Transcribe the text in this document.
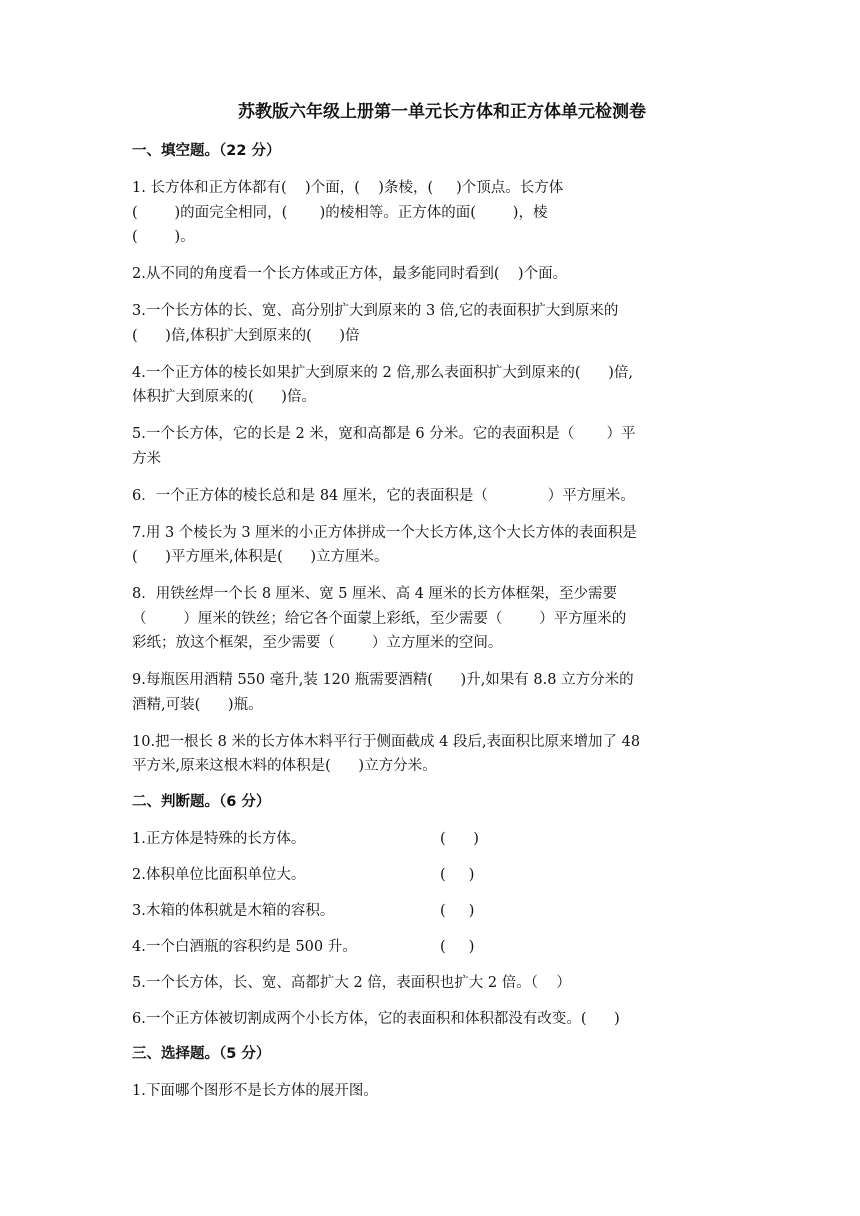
苏教版六年级上册第一单元长方体和正方体单元检测卷
一、填空题。（22 分）
1. 长方体和正方体都有(    )个面，(    )条棱，(     )个顶点。长方体
(        )的面完全相同，(       )的棱相等。正方体的面(        )，棱
(        )。
2.从不同的角度看一个长方体或正方体，最多能同时看到(    )个面。
3.一个长方体的长、宽、高分别扩大到原来的 3 倍,它的表面积扩大到原来的
(      )倍,体积扩大到原来的(      )倍
4.一个正方体的棱长如果扩大到原来的 2 倍,那么表面积扩大到原来的(      )倍,
体积扩大到原来的(      )倍。
5.一个长方体，它的长是 2 米，宽和高都是 6 分米。它的表面积是（       ）平
方米
6．一个正方体的棱长总和是 84 厘米，它的表面积是（             ）平方厘米。
7.用 3 个棱长为 3 厘米的小正方体拼成一个大长方体,这个大长方体的表面积是
(      )平方厘米,体积是(      )立方厘米。
8．用铁丝焊一个长 8 厘米、宽 5 厘米、高 4 厘米的长方体框架，至少需要
（        ）厘米的铁丝；给它各个面蒙上彩纸，至少需要（        ）平方厘米的
彩纸；放这个框架，至少需要（        ）立方厘米的空间。
9.每瓶医用酒精 550 毫升,装 120 瓶需要酒精(      )升,如果有 8.8 立方分米的
酒精,可装(      )瓶。
10.把一根长 8 米的长方体木料平行于侧面截成 4 段后,表面积比原来增加了 48
平方米,原来这根木料的体积是(      )立方分米。
二、判断题。（6 分）
1.正方体是特殊的长方体。	(      )
2.体积单位比面积单位大。	(     )
3.木箱的体积就是木箱的容积。	(     )
4.一个白酒瓶的容积约是 500 升。	(     )
5.一个长方体，长、宽、高都扩大 2 倍，表面积也扩大 2 倍。（    ）
6.一个正方体被切割成两个小长方体，它的表面积和体积都没有改变。(      )
三、选择题。（5 分）
1.下面哪个图形不是长方体的展开图。
